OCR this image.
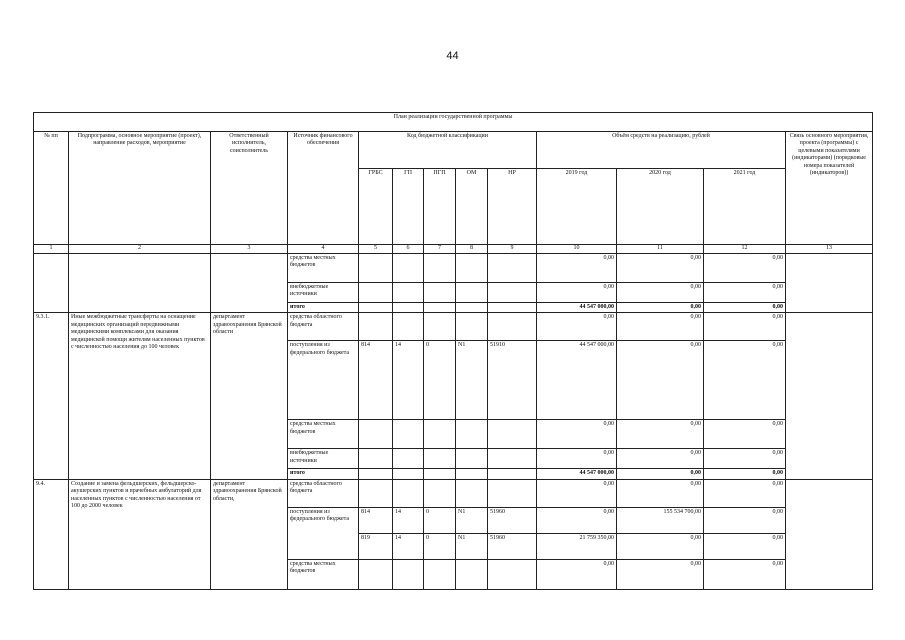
44
План реализации государственной программы												
№ пп	Подпрограмма, основное мероприятие (проект), направление расходов, мероприятие	Ответственный исполнитель, соисполнитель	Источник финансового обеспечения	Код бюджетной классификации					Объём средств на реализацию, рублей			Связь основного мероприятия, проекта (программы) с целевыми показателями (индикаторами) (порядковые номера показателей (индикаторов))
				ГРБС	ГП	ПГП	ОМ	НР	2019 год	2020 год	2021 год	
1	2	3	4	5	6	7	8	9	10	11	12	13
			средства местных бюджетов						0,00	0,00	0,00	
			внебюджетные источники						0,00	0,00	0,00	
			итого						44 547 000,00	0,00	0,00	
9.3.1.	Иные межбюджетные трансферты на оснащение медицинских организаций передвижными медицинскими комплексами для оказания медицинской помощи жителям населенных пунктов с численностью населения до 100 человек	департамент здравоохранения Брянской области	средства областного бюджета						0,00	0,00	0,00	
			поступления из федерального бюджета	814	14	0	N1	51910	44 547 000,00	0,00	0,00	
			средства местных бюджетов						0,00	0,00	0,00	
			внебюджетные источники						0,00	0,00	0,00	
			итого						44 547 000,00	0,00	0,00	
9.4.	Создание и замена фельдшерских, фельдшерско-акушерских пунктов и врачебных амбулаторий для населенных пунктов с численностью населения от 100 до 2000 человек	департамент здравоохранения Брянской области,	средства областного бюджета						0,00	0,00	0,00	
			поступления из федерального бюджета	814	14	0	N1	51960	0,00	155 534 700,00	0,00	
				819	14	0	N1	51960	21 759 350,00	0,00	0,00	
			средства местных бюджетов						0,00	0,00	0,00	
